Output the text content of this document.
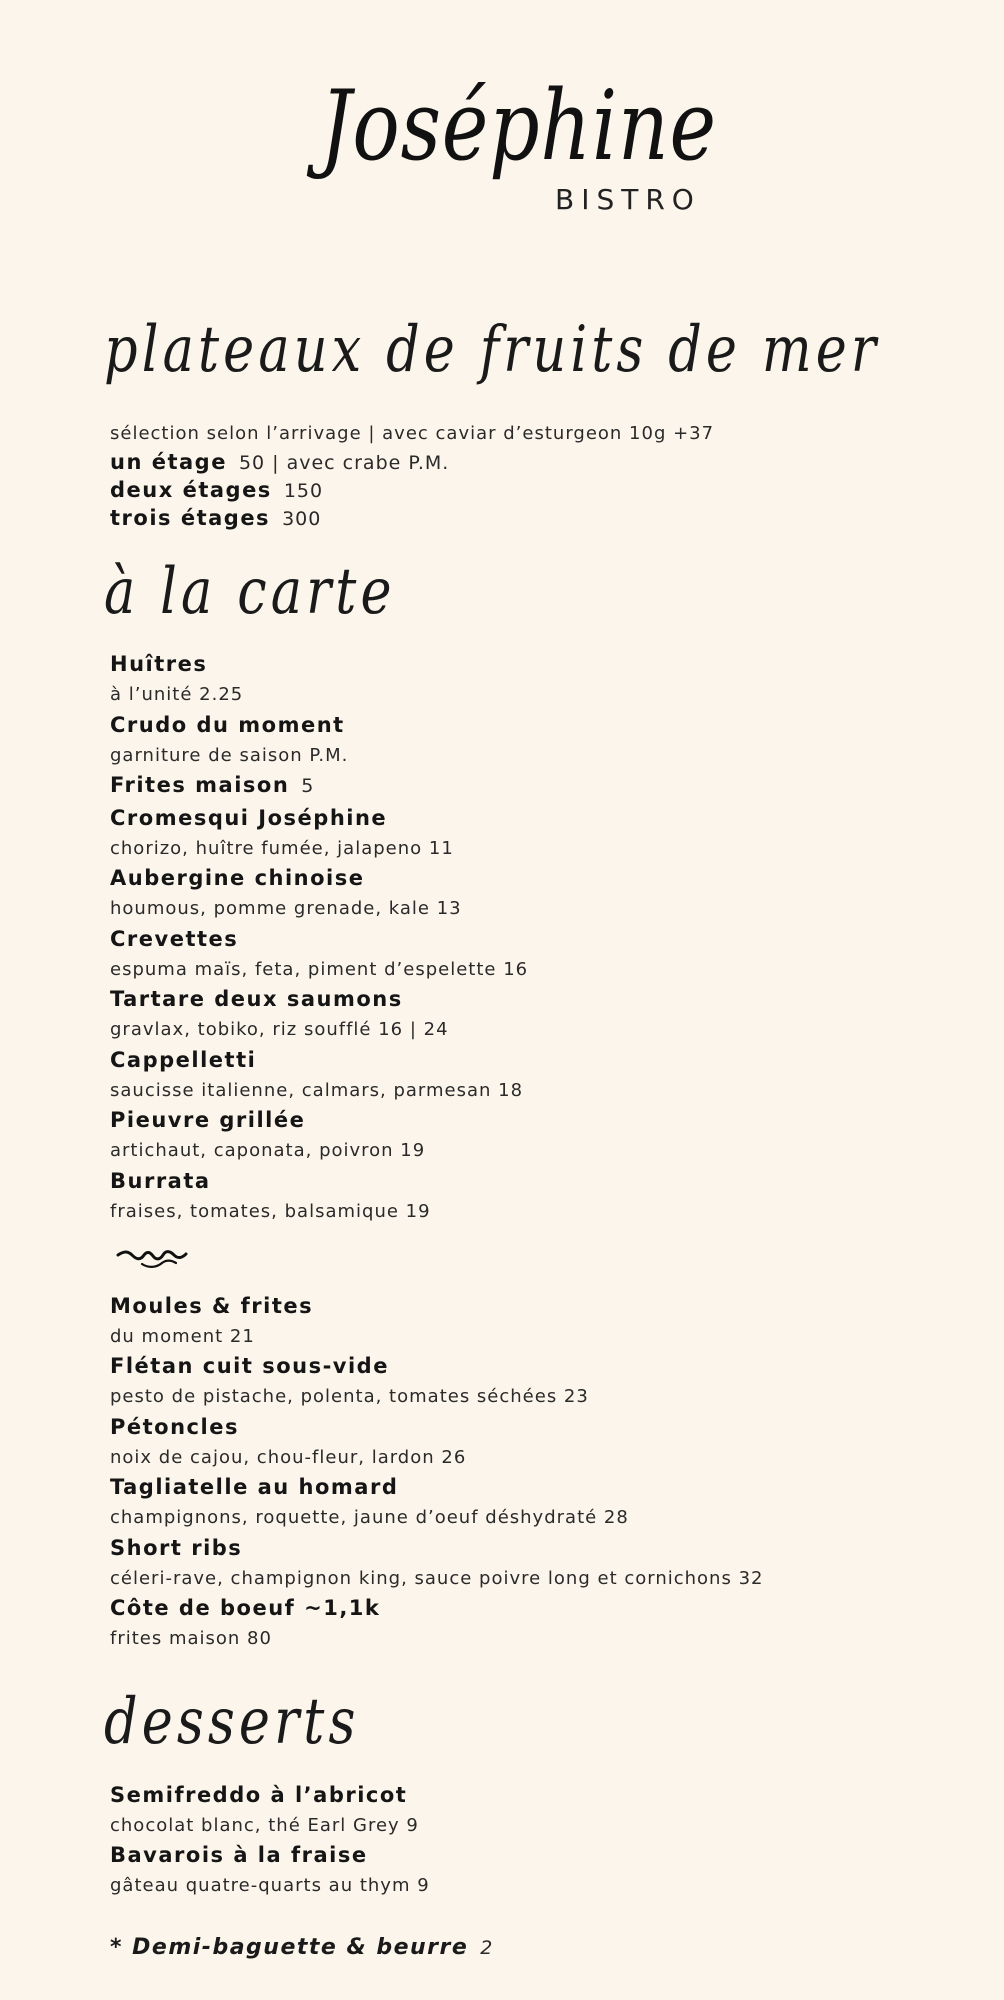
Joséphine
BISTRO
plateaux de fruits de mer
sélection selon l’arrivage | avec caviar d’esturgeon 10g +37
un étage 50 | avec crabe P.M.
deux étages 150
trois étages 300
à la carte
Huîtres
à l’unité 2.25
Crudo du moment
garniture de saison P.M.
Frites maison 5
Cromesqui Joséphine
chorizo, huître fumée, jalapeno 11
Aubergine chinoise
houmous, pomme grenade, kale 13
Crevettes
espuma maïs, feta, piment d’espelette 16
Tartare deux saumons
gravlax, tobiko, riz soufflé 16 | 24
Cappelletti
saucisse italienne, calmars, parmesan 18
Pieuvre grillée
artichaut, caponata, poivron 19
Burrata
fraises, tomates, balsamique 19
Moules & frites
du moment 21
Flétan cuit sous-vide
pesto de pistache, polenta, tomates séchées 23
Pétoncles
noix de cajou, chou-fleur, lardon 26
Tagliatelle au homard
champignons, roquette, jaune d’oeuf déshydraté 28
Short ribs
céleri-rave, champignon king, sauce poivre long et cornichons 32
Côte de boeuf ~1,1k
frites maison 80
desserts
Semifreddo à l’abricot
chocolat blanc, thé Earl Grey 9
Bavarois à la fraise
gâteau quatre-quarts au thym 9
* Demi-baguette & beurre 2
